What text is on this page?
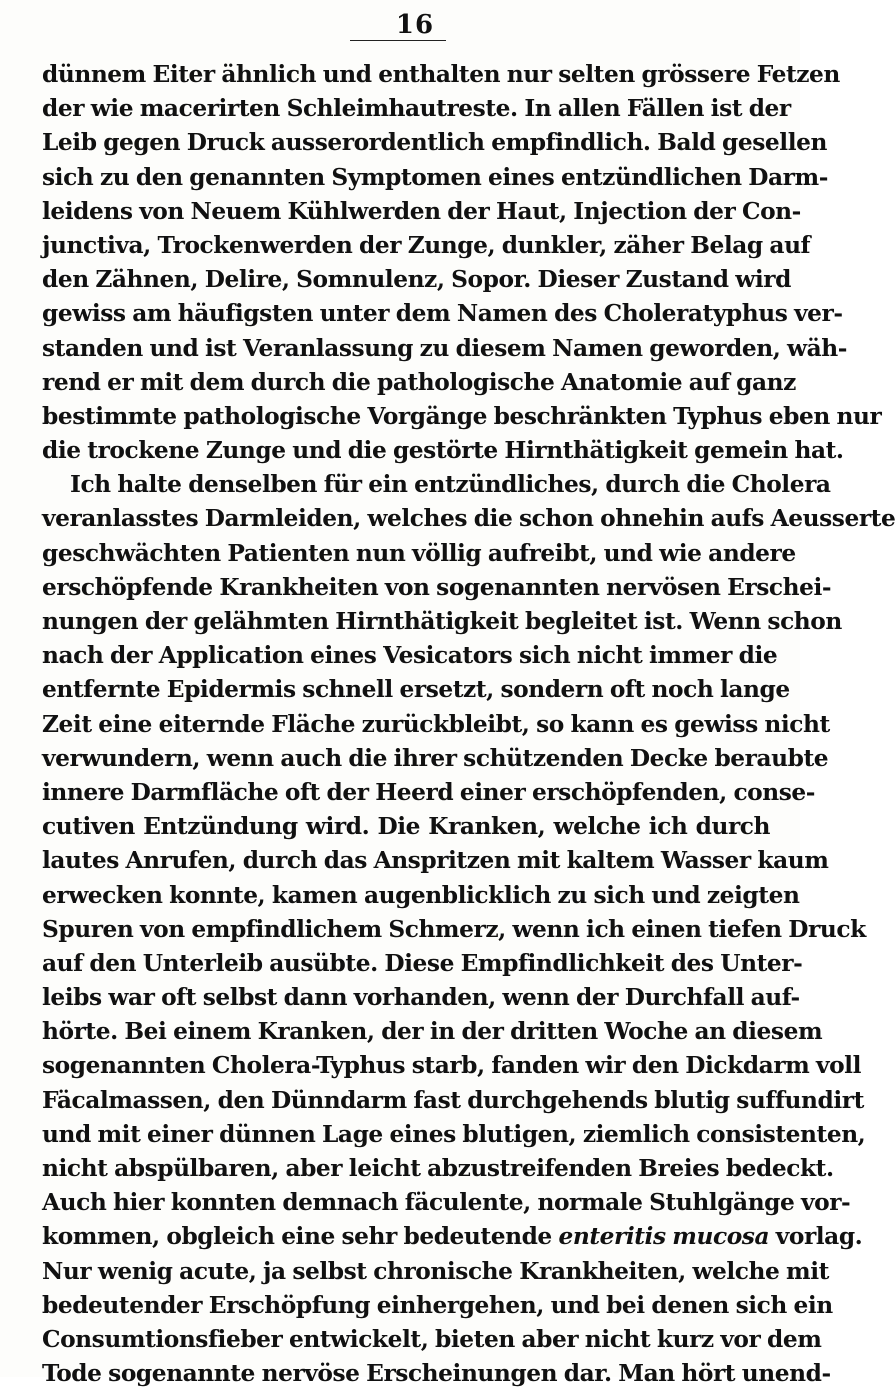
16
dünnem Eiter ähnlich und enthalten nur selten grössere Fetzen
der wie macerirten Schleimhautreste. In allen Fällen ist der
Leib gegen Druck ausserordentlich empfindlich. Bald gesellen
sich zu den genannten Symptomen eines entzündlichen Darm-
leidens von Neuem Kühlwerden der Haut, Injection der Con-
junctiva, Trockenwerden der Zunge, dunkler, zäher Belag auf
den Zähnen, Delire, Somnulenz, Sopor. Dieser Zustand wird
gewiss am häufigsten unter dem Namen des Choleratyphus ver-
standen und ist Veranlassung zu diesem Namen geworden, wäh-
rend er mit dem durch die pathologische Anatomie auf ganz
bestimmte pathologische Vorgänge beschränkten Typhus eben nur
die trockene Zunge und die gestörte Hirnthätigkeit gemein hat.
Ich halte denselben für ein entzündliches, durch die Cholera
veranlasstes Darmleiden, welches die schon ohnehin aufs Aeusserte
geschwächten Patienten nun völlig aufreibt, und wie andere
erschöpfende Krankheiten von sogenannten nervösen Erschei-
nungen der gelähmten Hirnthätigkeit begleitet ist. Wenn schon
nach der Application eines Vesicators sich nicht immer die
entfernte Epidermis schnell ersetzt, sondern oft noch lange
Zeit eine eiternde Fläche zurückbleibt, so kann es gewiss nicht
verwundern, wenn auch die ihrer schützenden Decke beraubte
innere Darmfläche oft der Heerd einer erschöpfenden, conse-
cutiven Entzündung wird. Die Kranken, welche ich durch
lautes Anrufen, durch das Anspritzen mit kaltem Wasser kaum
erwecken konnte, kamen augenblicklich zu sich und zeigten
Spuren von empfindlichem Schmerz, wenn ich einen tiefen Druck
auf den Unterleib ausübte. Diese Empfindlichkeit des Unter-
leibs war oft selbst dann vorhanden, wenn der Durchfall auf-
hörte. Bei einem Kranken, der in der dritten Woche an diesem
sogenannten Cholera-Typhus starb, fanden wir den Dickdarm voll
Fäcalmassen, den Dünndarm fast durchgehends blutig suffundirt
und mit einer dünnen Lage eines blutigen, ziemlich consistenten,
nicht abspülbaren, aber leicht abzustreifenden Breies bedeckt.
Auch hier konnten demnach fäculente, normale Stuhlgänge vor-
kommen, obgleich eine sehr bedeutende enteritis mucosa vorlag.
Nur wenig acute, ja selbst chronische Krankheiten, welche mit
bedeutender Erschöpfung einhergehen, und bei denen sich ein
Consumtionsfieber entwickelt, bieten aber nicht kurz vor dem
Tode sogenannte nervöse Erscheinungen dar. Man hört unend-
